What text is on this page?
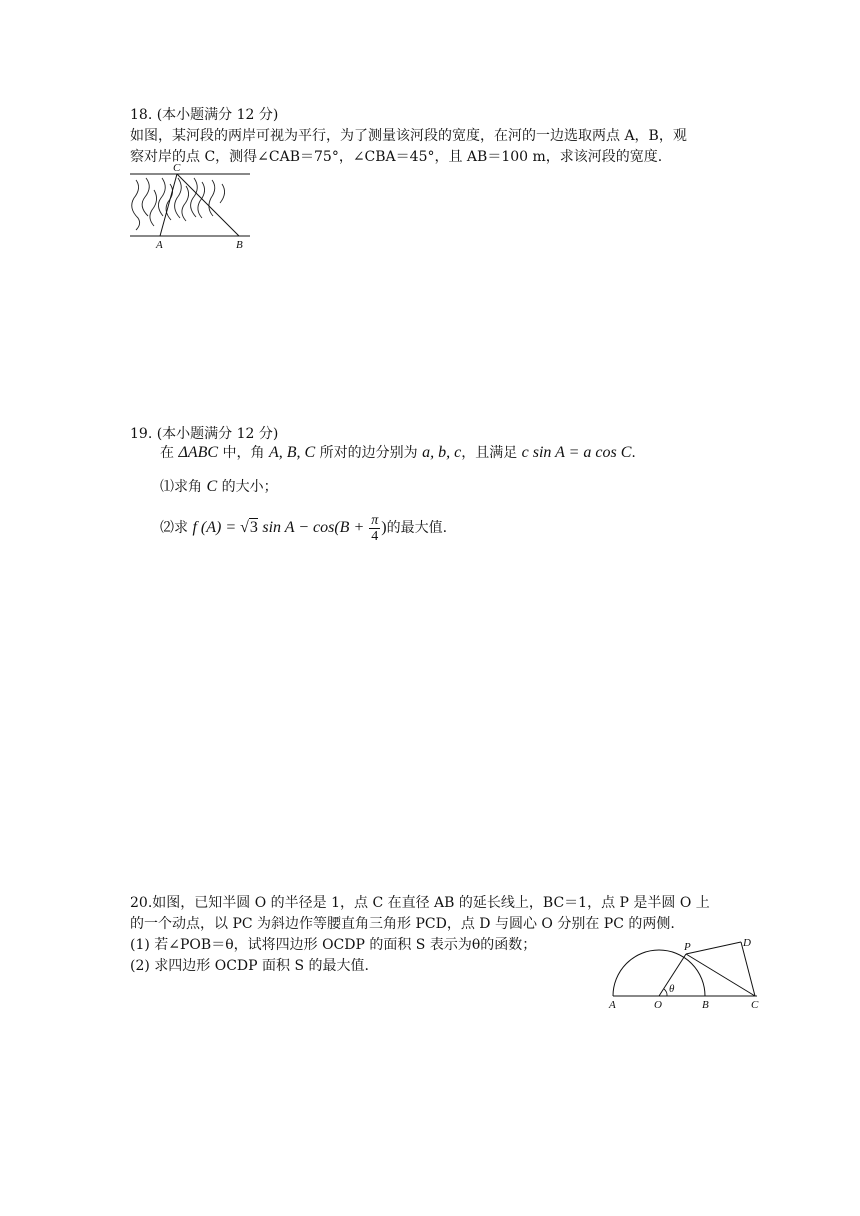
18. (本小题满分 12 分)
如图，某河段的两岸可视为平行，为了测量该河段的宽度，在河的一边选取两点 A，B，观
察对岸的点 C，测得∠CAB＝75°，∠CBA＝45°，且 AB＝100 m，求该河段的宽度.
C
A	B
19. (本小题满分 12 分)
在 ΔABC 中，角 A, B, C 所对的边分别为 a, b, c，且满足 c sin A = a cos C.
⑴求角 C 的大小；
⑵求 f (A) = √3 $\sin A - \cos(B + \frac{\pi}{4}$ )的最大值.
20.如图，已知半圆 O 的半径是 1，点 C 在直径 AB 的延长线上，BC＝1，点 P 是半圆 O 上
的一个动点，以 PC 为斜边作等腰直角三角形 PCD，点 D 与圆心 O 分别在 PC 的两侧.
(1) 若∠POB＝θ，试将四边形 OCDP 的面积 S 表示为θ的函数；
(2) 求四边形 OCDP 面积 S 的最大值.
A	O	B	C
P	D
θ
